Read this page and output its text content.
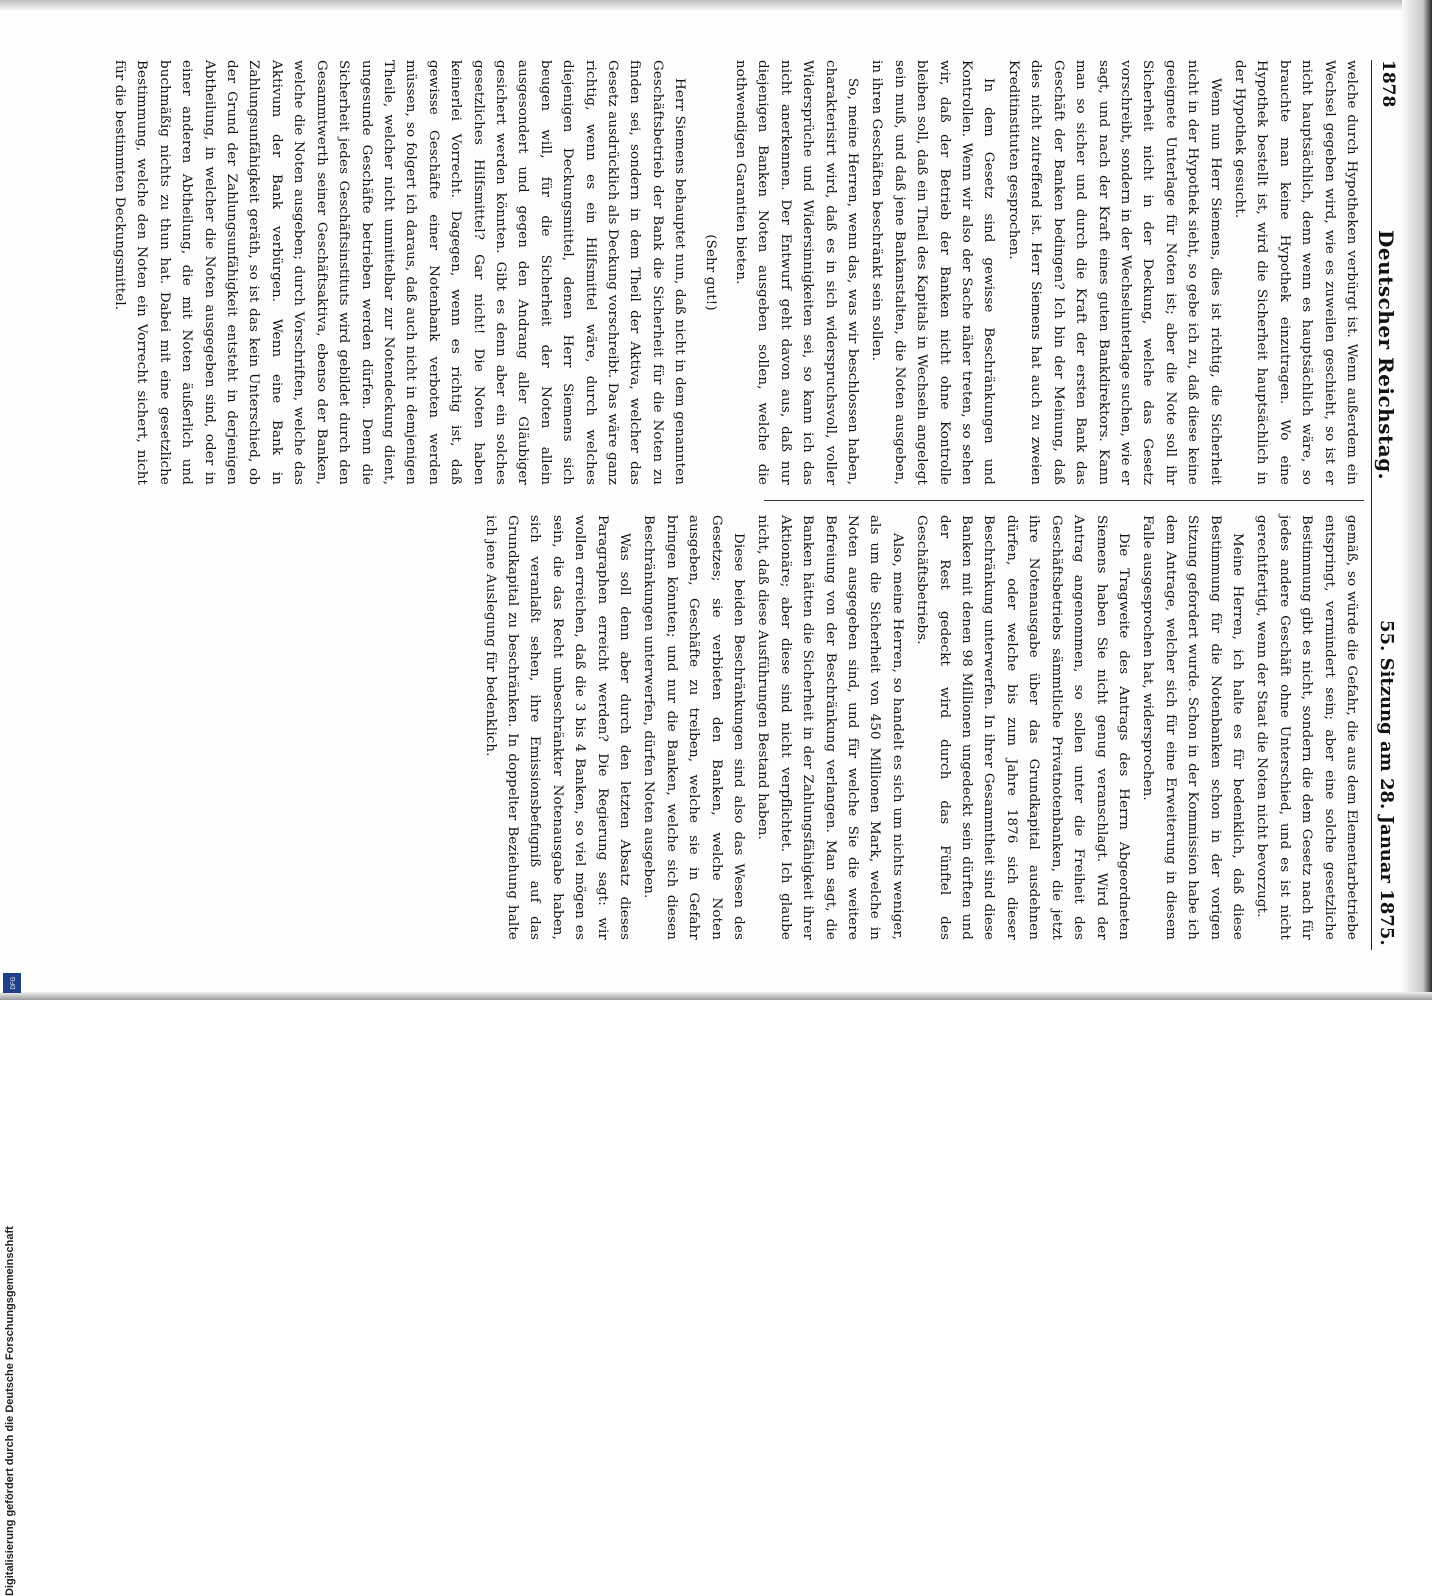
1878
Deutscher Reichstag.
55. Sitzung am 28. Januar 1875.

welche durch Hypotheken verbürgt ist. Wenn außerdem ein Wechsel gegeben wird, wie es zuweilen geschieht, so ist er nicht hauptsächlich, denn wenn es hauptsächlich wäre, so brauchte man keine Hypothek einzutragen. Wo eine Hypothek bestellt ist, wird die Sicherheit hauptsächlich in der Hypothek gesucht.

Wenn nun Herr Siemens, dies ist richtig, die Sicherheit nicht in der Hypothek sieht, so gebe ich zu, daß diese keine geeignete Unterlage für Noten ist; aber die Note soll ihr Sicherheit nicht in der Deckung, welche das Gesetz vorschreibt, sondern in der Wechselunterlage suchen, wie er sagt, und nach der Kraft eines guten Bankdirektors. Kann man so sicher und durch die Kraft der ersten Bank das Geschäft der Banken bedingen? Ich bin der Meinung, daß dies nicht zutreffend ist. Herr Siemens hat auch zu zweien Kreditinstituten gesprochen.

In dem Gesetz sind gewisse Beschränkungen und Kontrollen. Wenn wir also der Sache näher treten, so sehen wir, daß der Betrieb der Banken nicht ohne Kontrolle bleiben soll, daß ein Theil des Kapitals in Wechseln angelegt sein muß, und daß jene Bankanstalten, die Noten ausgeben, in ihren Geschäften beschränkt sein sollen.

So, meine Herren, wenn das, was wir beschlossen haben, charakterisirt wird, daß es in sich widerspruchsvoll, voller Widersprüche und Widersinnigkeiten sei, so kann ich das nicht anerkennen. Der Entwurf geht davon aus, daß nur diejenigen Banken Noten ausgeben sollen, welche die nothwendigen Garantien bieten.

(Sehr gut!)

Herr Siemens behauptet nun, daß nicht in dem genannten Geschäftsbetrieb der Bank die Sicherheit für die Noten zu finden sei, sondern in dem Theil der Aktiva, welcher das Gesetz ausdrücklich als Deckung vorschreibt. Das wäre ganz richtig, wenn es ein Hilfsmittel wäre, durch welches diejenigen Deckungsmittel, denen Herr Siemens sich beugen will, für die Sicherheit der Noten allein ausgesondert und gegen den Andrang aller Gläubiger gesichert werden könnten. Gibt es denn aber ein solches gesetzliches Hilfsmittel? Gar nicht! Die Noten haben keinerlei Vorrecht. Dagegen, wenn es richtig ist, daß gewisse Geschäfte einer Notenbank verboten werden müssen, so folgert ich daraus, daß auch nicht in demjenigen Theile, welcher nicht unmittelbar zur Notendeckung dient, ungesunde Geschäfte betrieben werden dürfen. Denn die Sicherheit jedes Geschäftsinstituts wird gebildet durch den Gesammtwerth seiner Geschäftsaktiva, ebenso der Banken, welche die Noten ausgeben; durch Vorschriften, welche das Aktivum der Bank verbürgen. Wenn eine Bank in Zahlungsunfähigkeit geräth, so ist das kein Unterschied, ob der Grund der Zahlungsunfähigkeit entsteht in derjenigen Abtheilung, in welcher die Noten ausgegeben sind, oder in einer anderen Abtheilung, die mit Noten äußerlich und buchmäßig nichts zu thun hat. Dabei mit eine gesetzliche Bestimmung, welche den Noten ein Vorrecht sichert, nicht für die bestimmten Deckungsmittel.

gemäß, so würde die Gefahr, die aus dem Elementarbetriebe entspringt, vermindert sein; aber eine solche gesetzliche Bestimmung gibt es nicht, sondern die dem Gesetz nach für jedes andere Geschäft ohne Unterschied, und es ist nicht gerechtfertigt, wenn der Staat die Noten nicht bevorzugt.

Meine Herren, ich halte es für bedenklich, daß diese Bestimmung für die Notenbanken schon in der vorigen Sitzung gefordert wurde. Schon in der Kommission habe ich dem Antrage, welcher sich für eine Erweiterung in diesem Falle ausgesprochen hat, widersprochen.

Die Tragweite des Antrags des Herrn Abgeordneten Siemens haben Sie nicht genug veranschlagt. Wird der Antrag angenommen, so sollen unter die Freiheit des Geschäftsbetriebs sämmtliche Privatnotenbanken, die jetzt ihre Notenausgabe über das Grundkapital ausdehnen dürfen, oder welche bis zum Jahre 1876 sich dieser Beschränkung unterwerfen. In ihrer Gesammtheit sind diese Banken mit denen 98 Millionen ungedeckt sein dürften und der Rest gedeckt wird durch das Fünftel des Geschäftsbetriebs.

Also, meine Herren, so handelt es sich um nichts weniger, als um die Sicherheit von 450 Millionen Mark, welche in Noten ausgegeben sind, und für welche Sie die weitere Befreiung von der Beschränkung verlangen. Man sagt, die Banken hätten die Sicherheit in der Zahlungsfähigkeit ihrer Aktionäre; aber diese sind nicht verpflichtet. Ich glaube nicht, daß diese Ausführungen Bestand haben.

Diese beiden Beschränkungen sind also das Wesen des Gesetzes; sie verbieten den Banken, welche Noten ausgeben, Geschäfte zu treiben, welche sie in Gefahr bringen könnten; und nur die Banken, welche sich diesen Beschränkungen unterwerfen, dürfen Noten ausgeben.

Was soll denn aber durch den letzten Absatz dieses Paragraphen erreicht werden? Die Regierung sagt: wir wollen erreichen, daß die 3 bis 4 Banken, so viel mögen es sein, die das Recht unbeschränkter Notenausgabe haben, sich veranlaßt sehen, ihre Emissionsbefugniß auf das Grundkapital zu beschränken. In doppelter Beziehung halte ich jene Auslegung für bedenklich.

Digitalisierung gefördert durch die Deutsche Forschungsgemeinschaft
DFG
